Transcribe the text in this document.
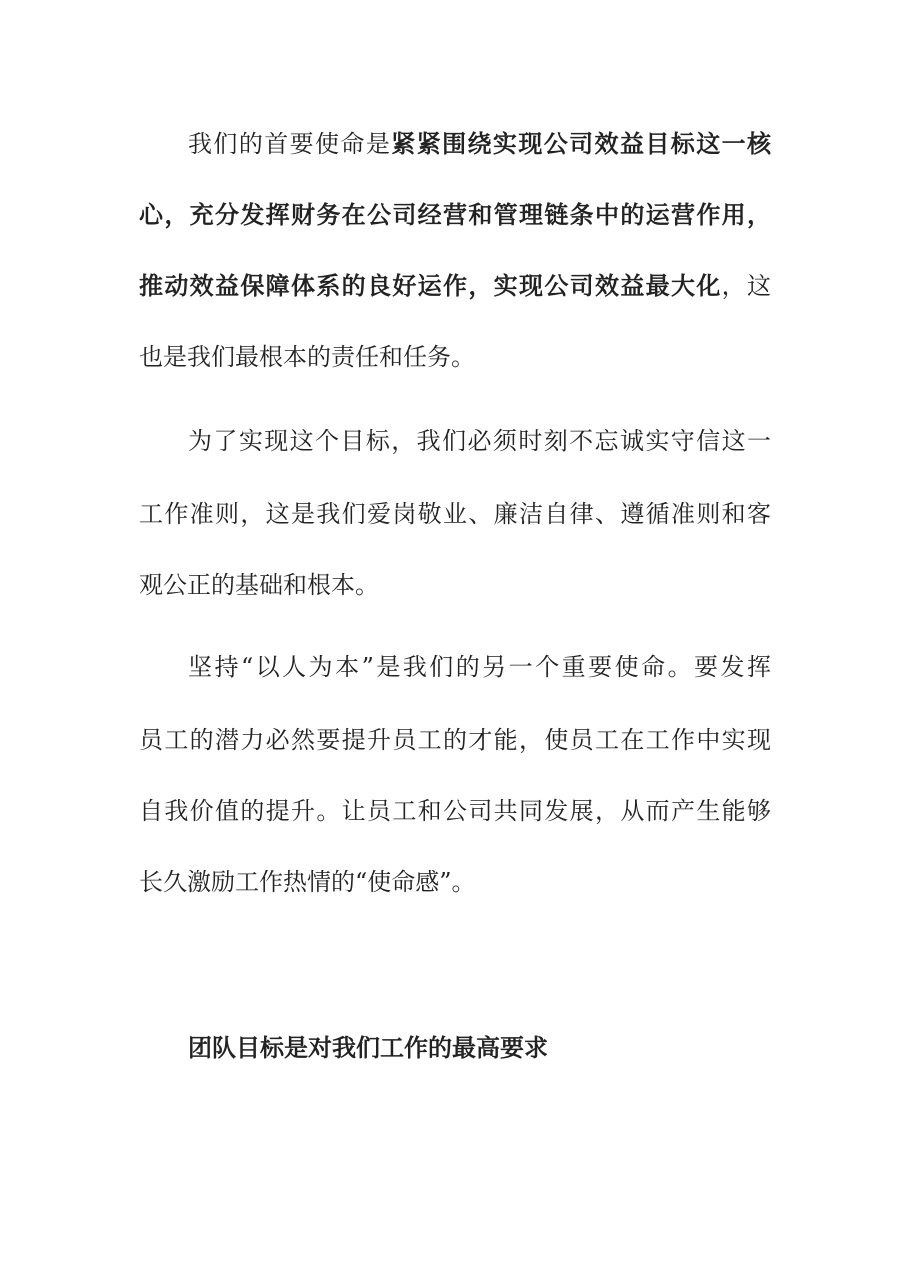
我们的首要使命是紧紧围绕实现公司效益目标这一核
心，充分发挥财务在公司经营和管理链条中的运营作用，
推动效益保障体系的良好运作，实现公司效益最大化，这
也是我们最根本的责任和任务。
为了实现这个目标，我们必须时刻不忘诚实守信这一
工作准则，这是我们爱岗敬业、廉洁自律、遵循准则和客
观公正的基础和根本。
坚持“以人为本”是我们的另一个重要使命。要发挥
员工的潜力必然要提升员工的才能，使员工在工作中实现
自我价值的提升。让员工和公司共同发展，从而产生能够
长久激励工作热情的“使命感”。
团队目标是对我们工作的最高要求
